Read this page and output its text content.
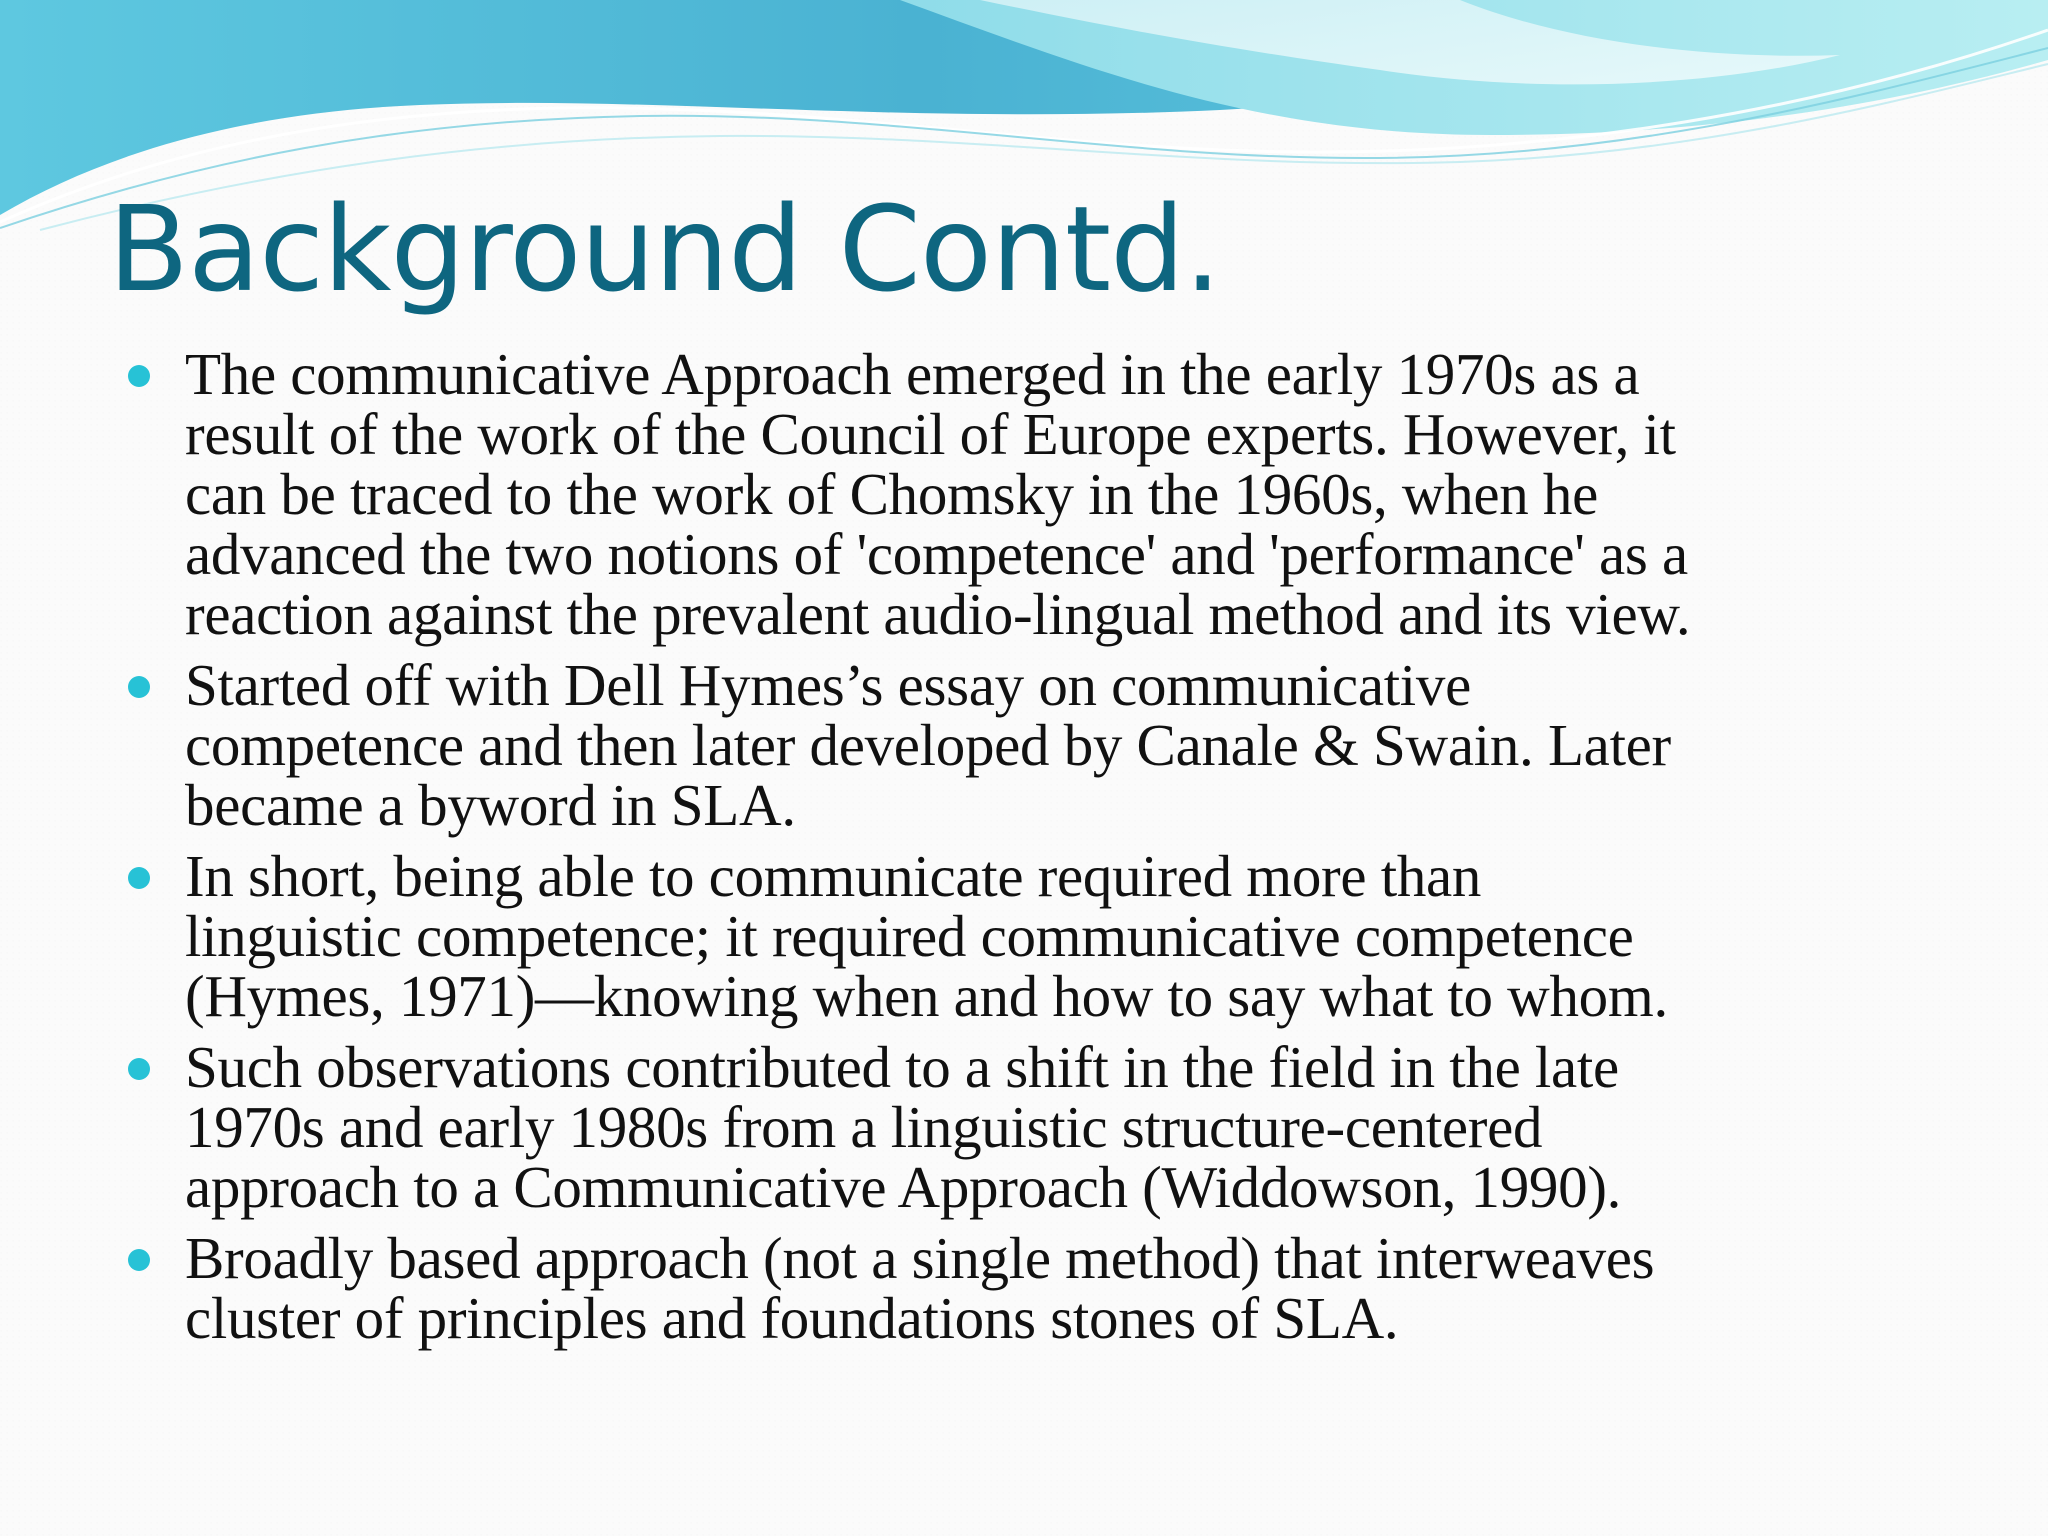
Background Contd.
The communicative Approach emerged in the early 1970s as a
result of the work of the Council of Europe experts. However, it
can be traced to the work of Chomsky in the 1960s, when he
advanced the two notions of 'competence' and 'performance' as a
reaction against the prevalent audio-lingual method and its view.
Started off with Dell Hymes’s essay on communicative
competence and then later developed by Canale & Swain. Later
became a byword in SLA.
In short, being able to communicate required more than
linguistic competence; it required communicative competence
(Hymes, 1971)—knowing when and how to say what to whom.
Such observations contributed to a shift in the field in the late
1970s and early 1980s from a linguistic structure-centered
approach to a Communicative Approach (Widdowson, 1990).
Broadly based approach (not a single method) that interweaves
cluster of principles and foundations stones of SLA.
